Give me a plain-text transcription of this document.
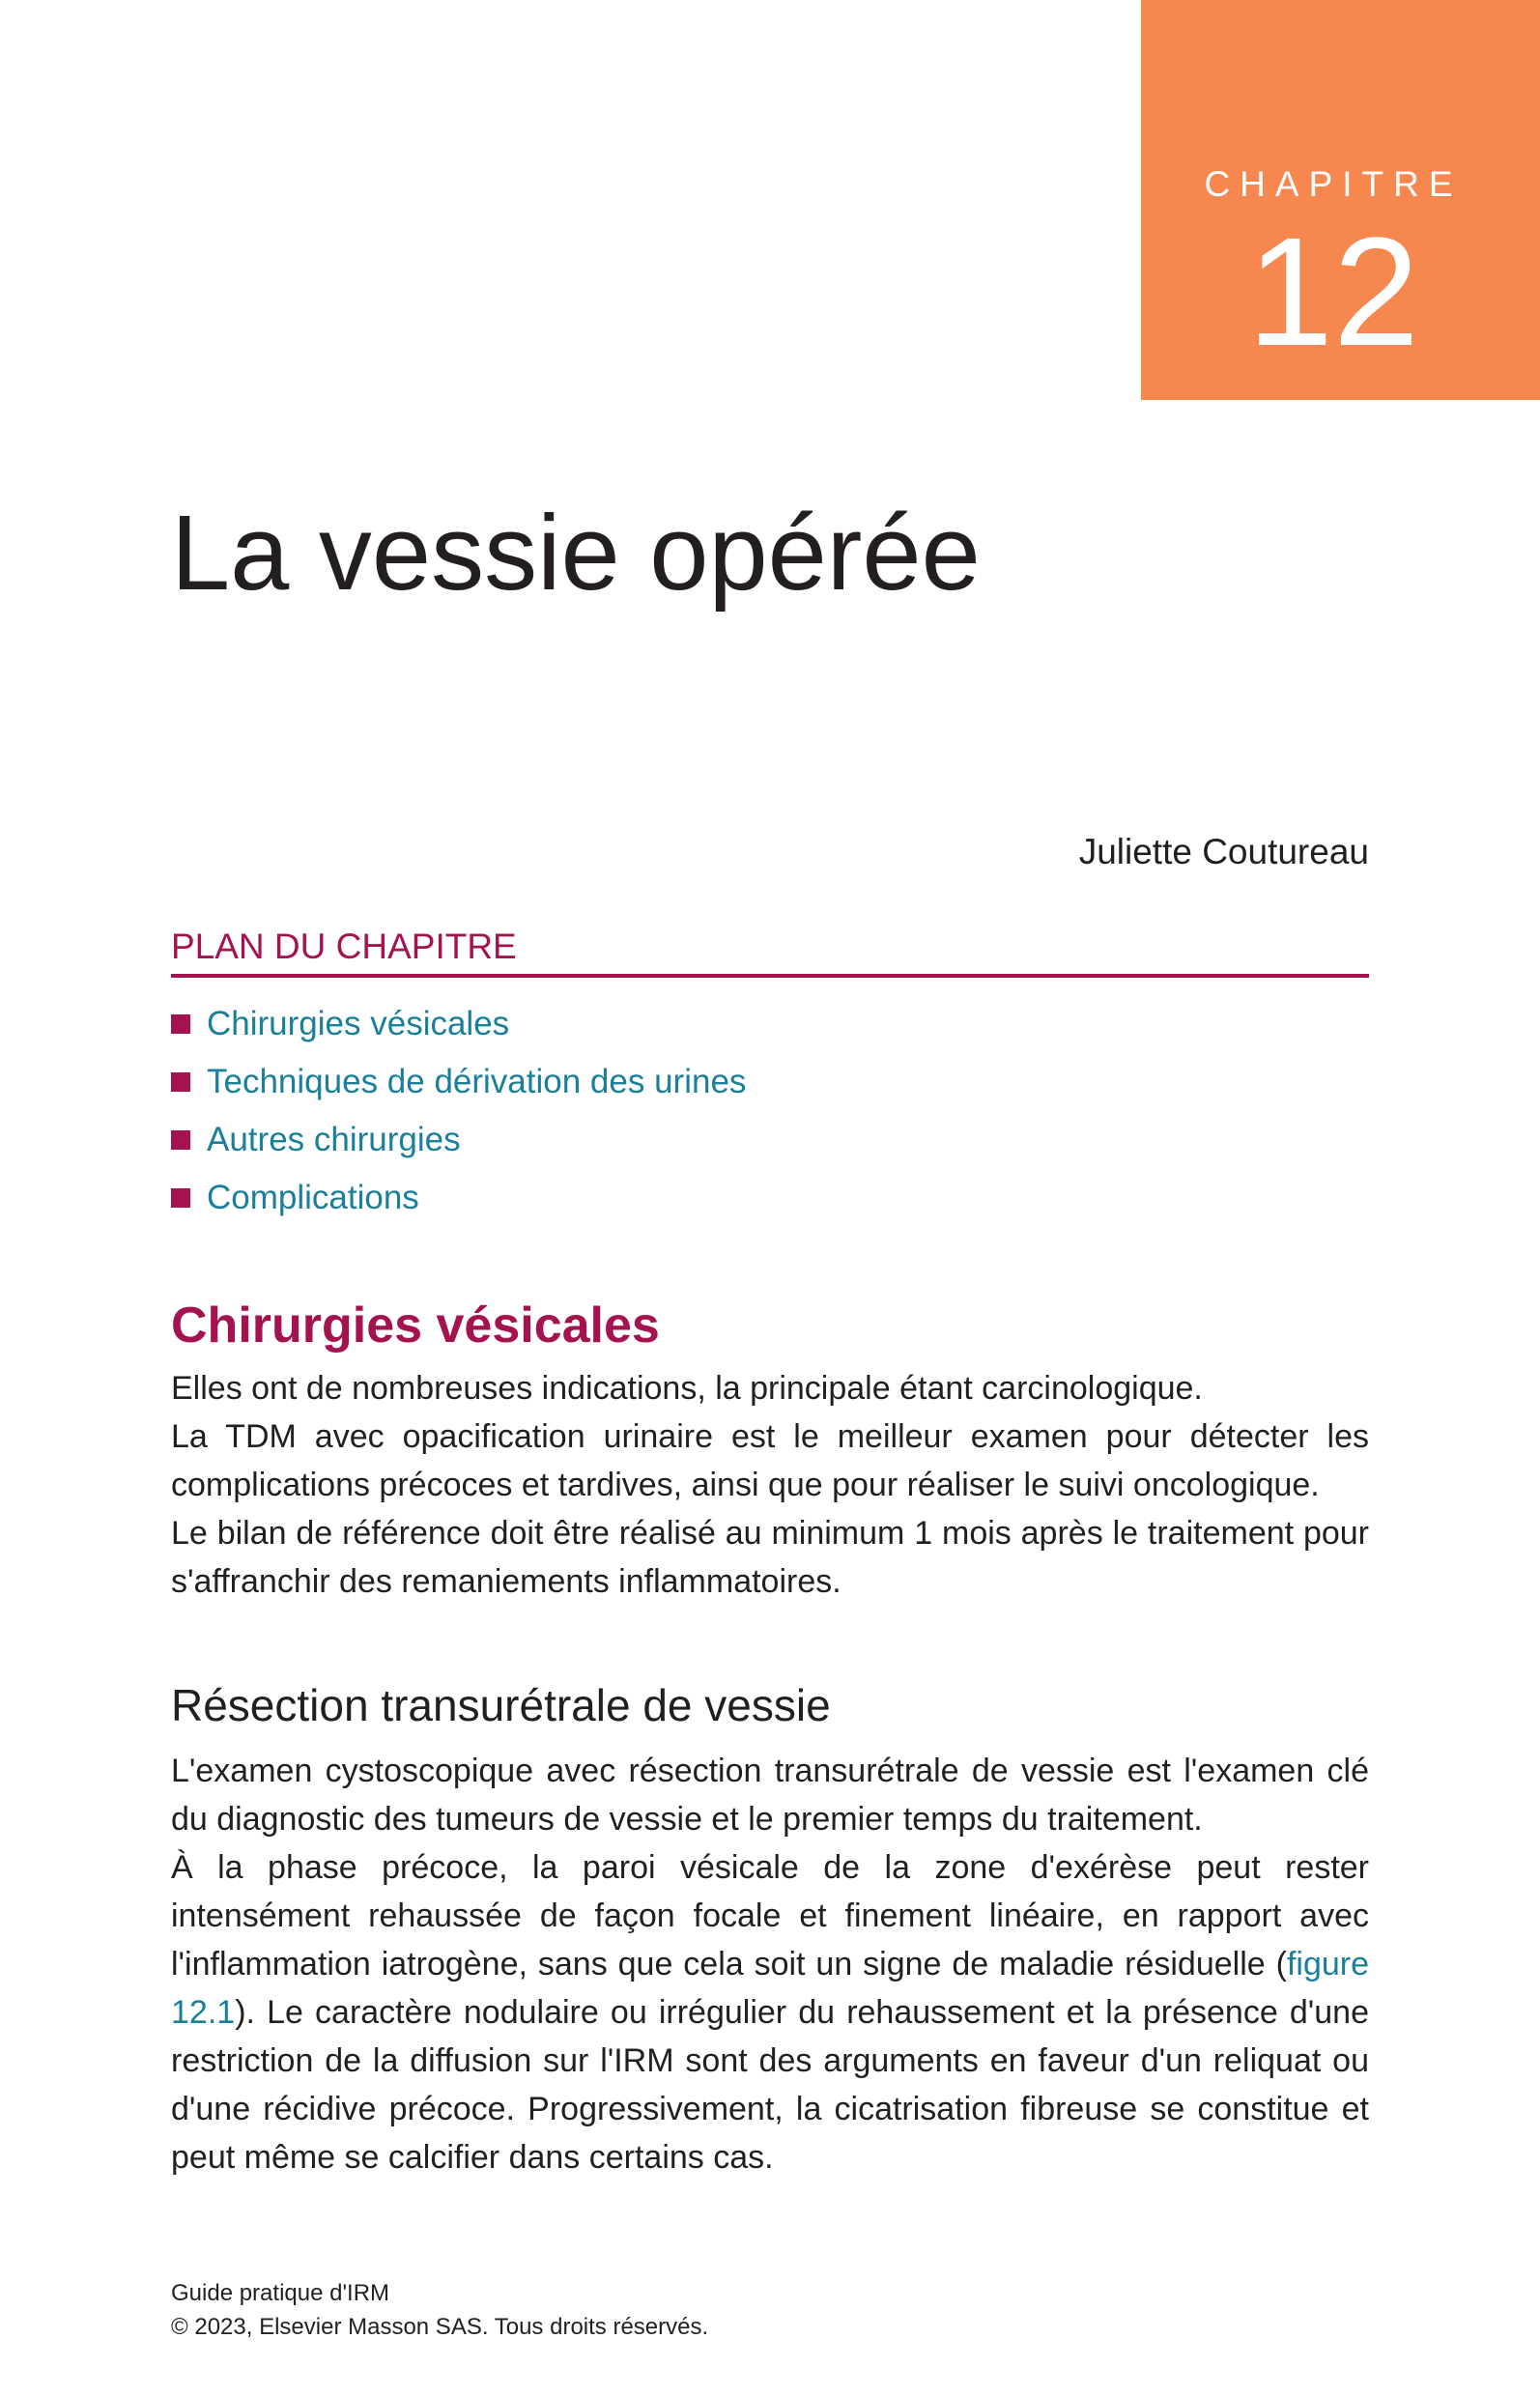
CHAPITRE
12
La vessie opérée
Juliette Coutureau
PLAN DU CHAPITRE
Chirurgies vésicales
Techniques de dérivation des urines
Autres chirurgies
Complications
Chirurgies vésicales

Elles ont de nombreuses indications, la principale étant carcinologique.

La TDM avec opacification urinaire est le meilleur examen pour détecter les complications précoces et tardives, ainsi que pour réaliser le suivi oncologique.

Le bilan de référence doit être réalisé au minimum 1 mois après le traitement pour s'affranchir des remaniements inflammatoires.

Résection transurétrale de vessie

L'examen cystoscopique avec résection transurétrale de vessie est l'examen clé du diagnostic des tumeurs de vessie et le premier temps du traitement.

À la phase précoce, la paroi vésicale de la zone d'exérèse peut rester intensément rehaussée de façon focale et finement linéaire, en rapport avec l'inflammation iatrogène, sans que cela soit un signe de maladie résiduelle (figure 12.1). Le caractère nodulaire ou irrégulier du rehaussement et la présence d'une restriction de la diffusion sur l'IRM sont des arguments en faveur d'un reliquat ou d'une récidive précoce. Progressivement, la cicatrisation fibreuse se constitue et peut même se calcifier dans certains cas.

Guide pratique d'IRM
© 2023, Elsevier Masson SAS. Tous droits réservés.
